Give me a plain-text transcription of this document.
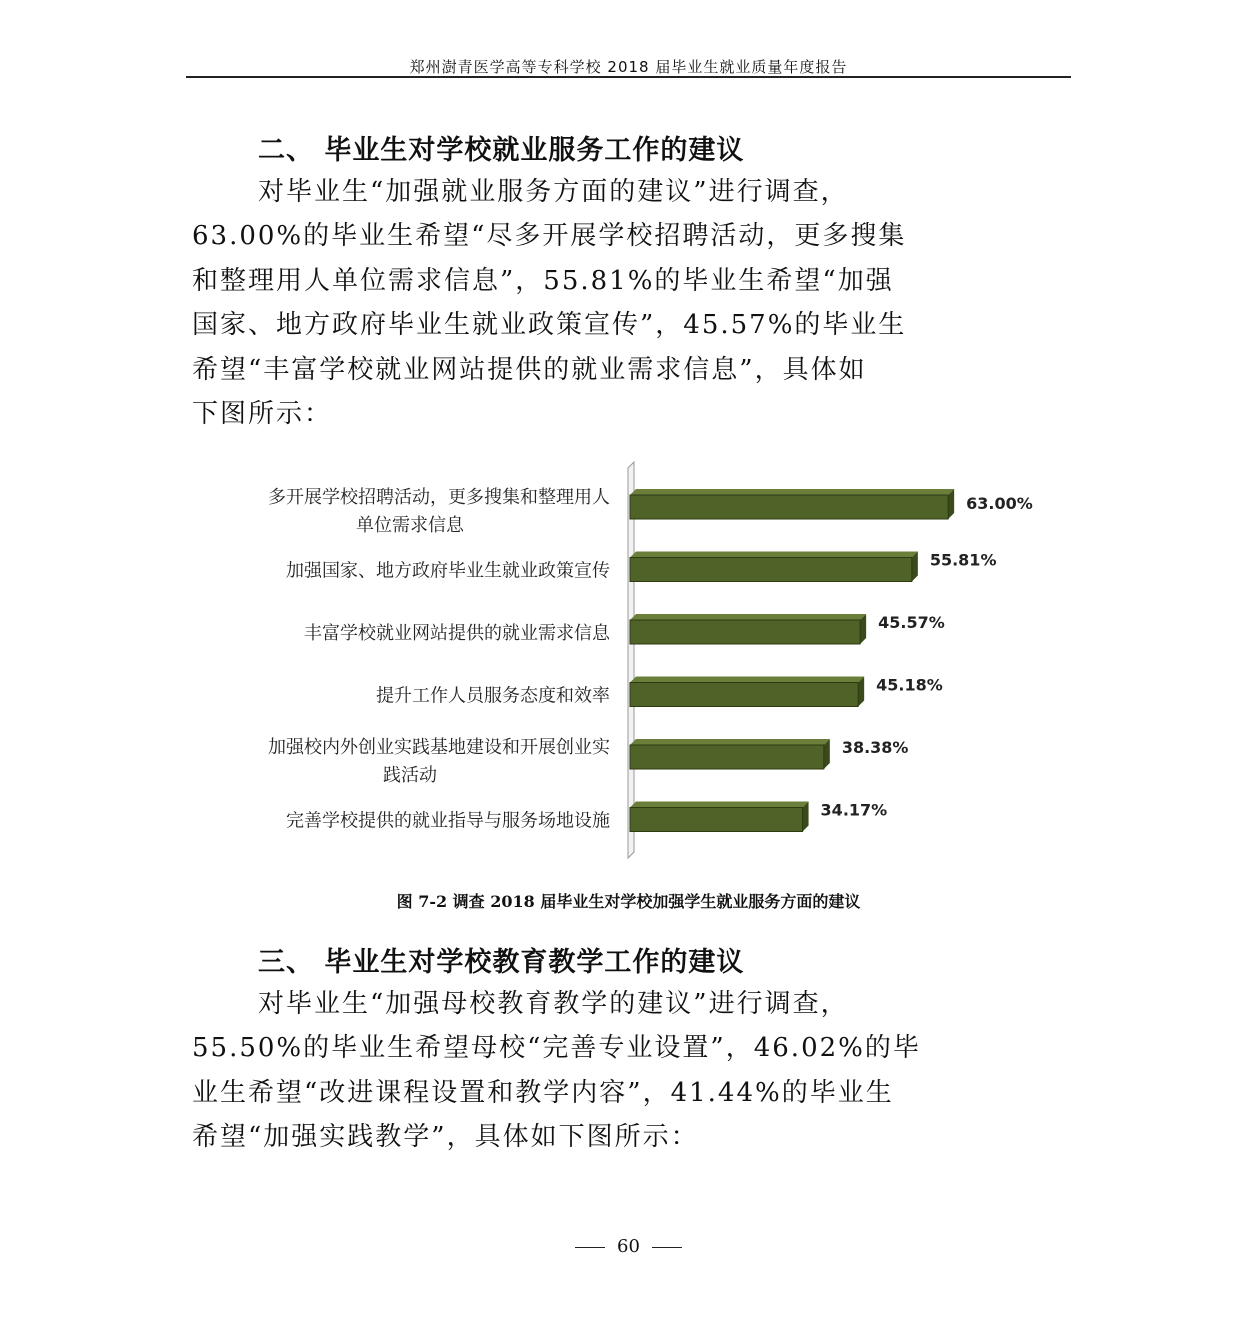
郑州澍青医学高等专科学校 2018 届毕业生就业质量年度报告
二、 毕业生对学校就业服务工作的建议
对毕业生“加强就业服务方面的建议”进行调查，
63.00%的毕业生希望“尽多开展学校招聘活动，更多搜集
和整理用人单位需求信息”，55.81%的毕业生希望“加强
国家、地方政府毕业生就业政策宣传”，45.57%的毕业生
希望“丰富学校就业网站提供的就业需求信息”，具体如
下图所示：
63.00%
多开展学校招聘活动，更多搜集和整理用人
单位需求信息
55.81%
加强国家、地方政府毕业生就业政策宣传
45.57%
丰富学校就业网站提供的就业需求信息
45.18%
提升工作人员服务态度和效率
38.38%
加强校内外创业实践基地建设和开展创业实
践活动
34.17%
完善学校提供的就业指导与服务场地设施
图 7-2 调查 2018 届毕业生对学校加强学生就业服务方面的建议
三、 毕业生对学校教育教学工作的建议
对毕业生“加强母校教育教学的建议”进行调查，
55.50%的毕业生希望母校“完善专业设置”，46.02%的毕
业生希望“改进课程设置和教学内容”，41.44%的毕业生
希望“加强实践教学”，具体如下图所示：
60
